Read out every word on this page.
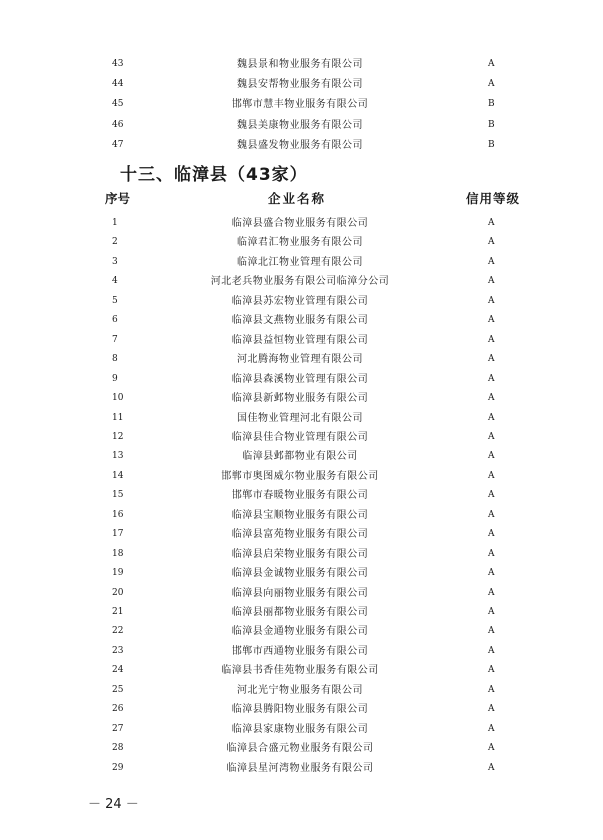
43	魏县景和物业服务有限公司	A
44	魏县安帮物业服务有限公司	A
45	邯郸市慧丰物业服务有限公司	B
46	魏县美康物业服务有限公司	B
47	魏县盛发物业服务有限公司	B
十三、临漳县（43家）
序号	企业名称	信用等级
1	临漳县盛合物业服务有限公司	A
2	临漳君汇物业服务有限公司	A
3	临漳北江物业管理有限公司	A
4	河北老兵物业服务有限公司临漳分公司	A
5	临漳县苏宏物业管理有限公司	A
6	临漳县文燕物业服务有限公司	A
7	临漳县益恒物业管理有限公司	A
8	河北腾海物业管理有限公司	A
9	临漳县森溪物业管理有限公司	A
10	临漳县新邺物业服务有限公司	A
11	国佳物业管理河北有限公司	A
12	临漳县佳合物业管理有限公司	A
13	临漳县邺都物业有限公司	A
14	邯郸市奥图威尔物业服务有限公司	A
15	邯郸市春暖物业服务有限公司	A
16	临漳县宝顺物业服务有限公司	A
17	临漳县富苑物业服务有限公司	A
18	临漳县启荣物业服务有限公司	A
19	临漳县金诚物业服务有限公司	A
20	临漳县向丽物业服务有限公司	A
21	临漳县丽都物业服务有限公司	A
22	临漳县金通物业服务有限公司	A
23	邯郸市西通物业服务有限公司	A
24	临漳县书香佳苑物业服务有限公司	A
25	河北光宁物业服务有限公司	A
26	临漳县腾阳物业服务有限公司	A
27	临漳县家康物业服务有限公司	A
28	临漳县合盛元物业服务有限公司	A
29	临漳县星河湾物业服务有限公司	A
－ 24 －
